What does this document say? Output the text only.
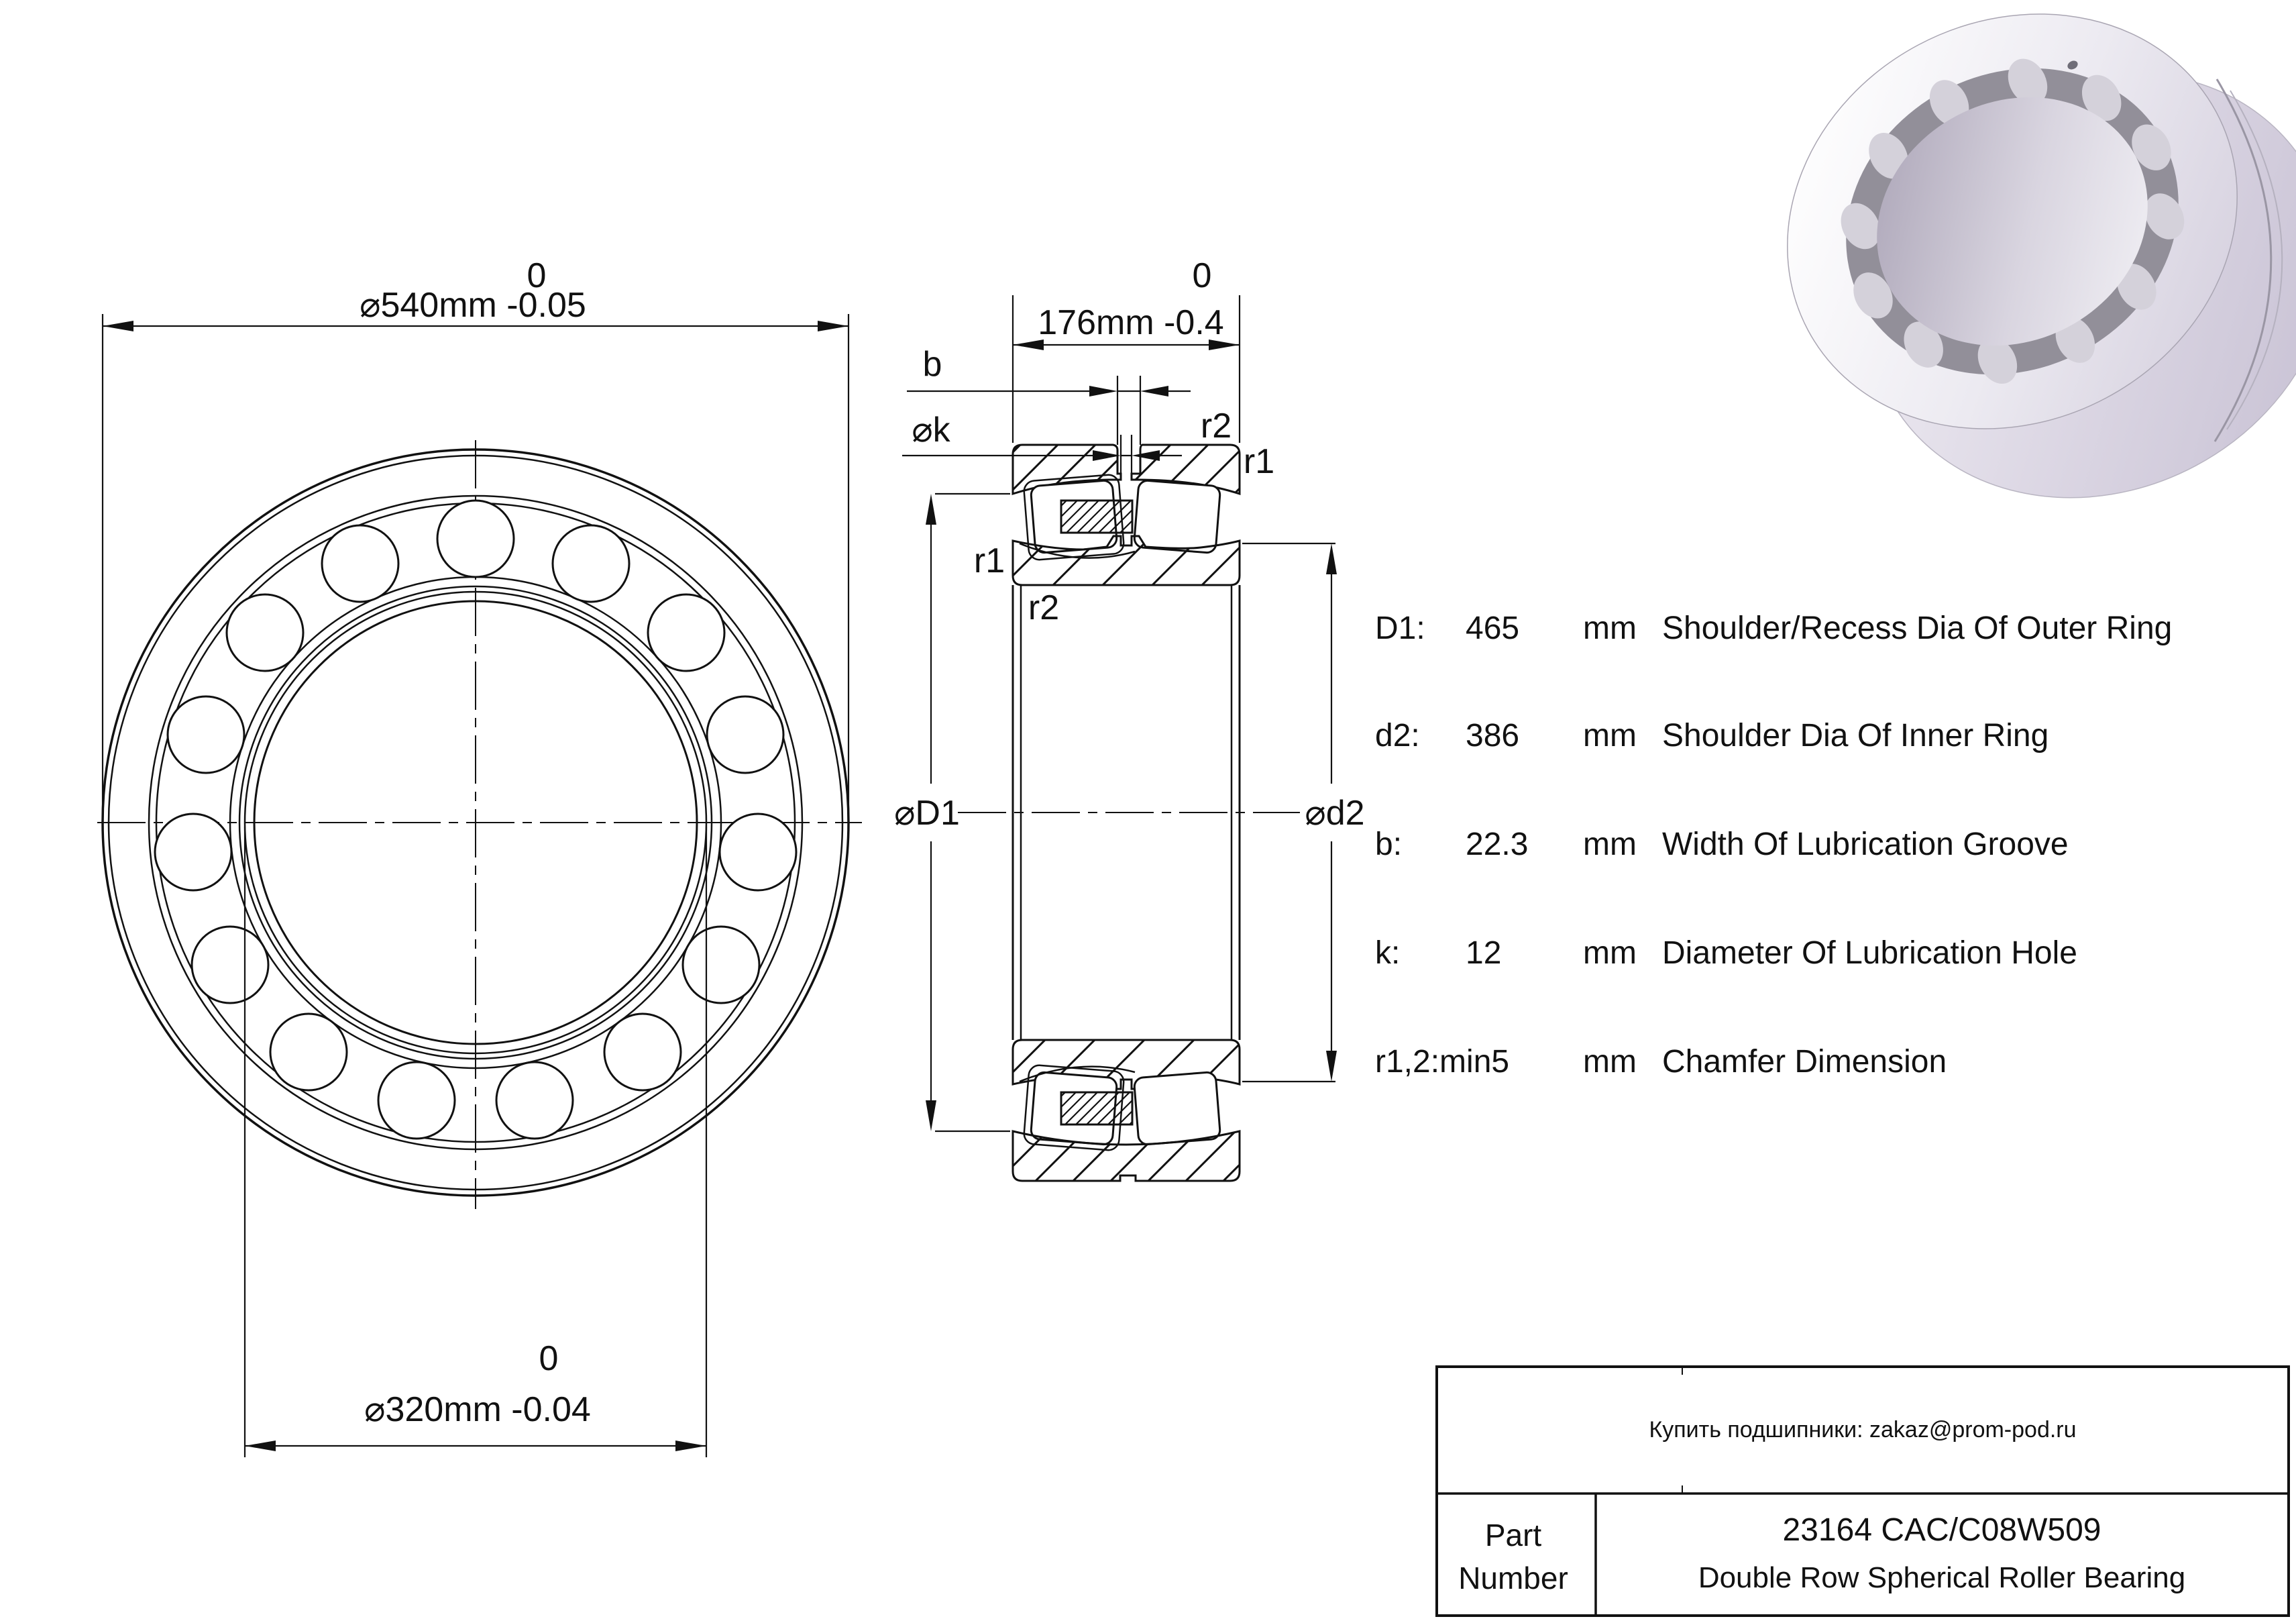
0
⌀540mm -0.05
0
⌀320mm -0.04
0
176mm -0.4
b
⌀k	r2
r1
r1
r2
⌀D1	⌀d2
D1: 465 mm Shoulder/Recess Dia Of Outer Ring
d2: 386 mm Shoulder Dia Of Inner Ring
b: 22.3 mm Width Of Lubrication Groove
k: 12	mm Diameter Of Lubrication Hole
r1,2:min5 mm Chamfer Dimension
Купить подшипники: zakaz@prom-pod.ru
Part
Number
23164 CAC/C08W509
Double Row Spherical Roller Bearing
